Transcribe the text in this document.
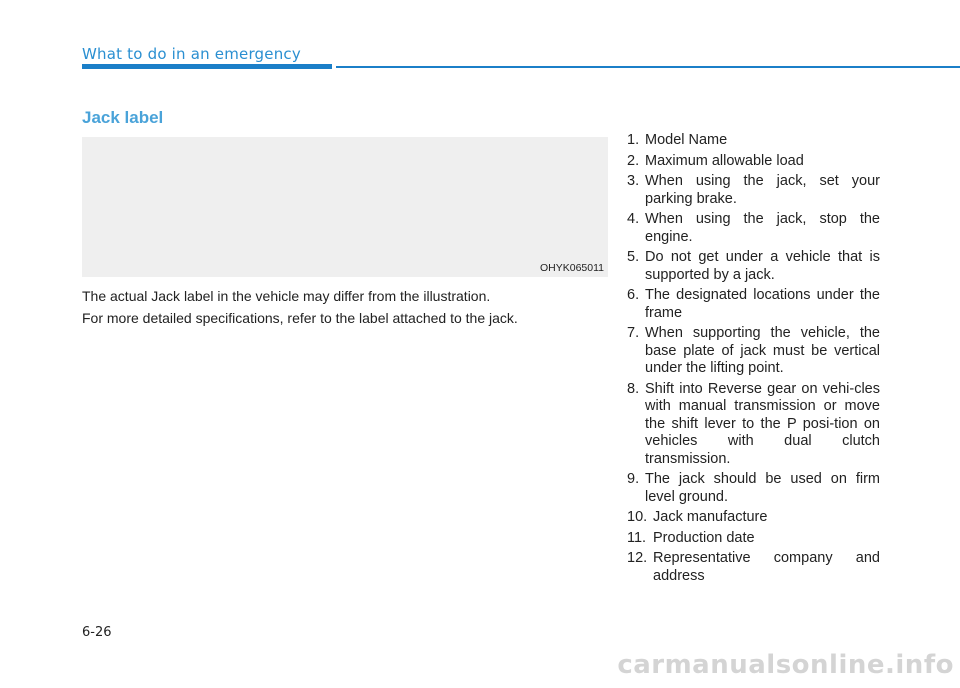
What to do in an emergency
Jack label
OHYK065011

The actual Jack label in the vehicle may differ from the illustration.

For more detailed specifications, refer to the label attached to the jack.

1. Model Name
2. Maximum allowable load
3. When using the jack, set your parking brake.
4. When using the jack, stop the engine.
5. Do not get under a vehicle that is supported by a jack.
6. The designated locations under the frame
7. When supporting the vehicle, the base plate of jack must be vertical under the lifting point.
8. Shift into Reverse gear on vehi-cles with manual transmission or move the shift lever to the P posi-tion on vehicles with dual clutch transmission.
9. The jack should be used on firm level ground.
10. Jack manufacture
11. Production date
12. Representative company and address
6-26
carmanualsonline.info
